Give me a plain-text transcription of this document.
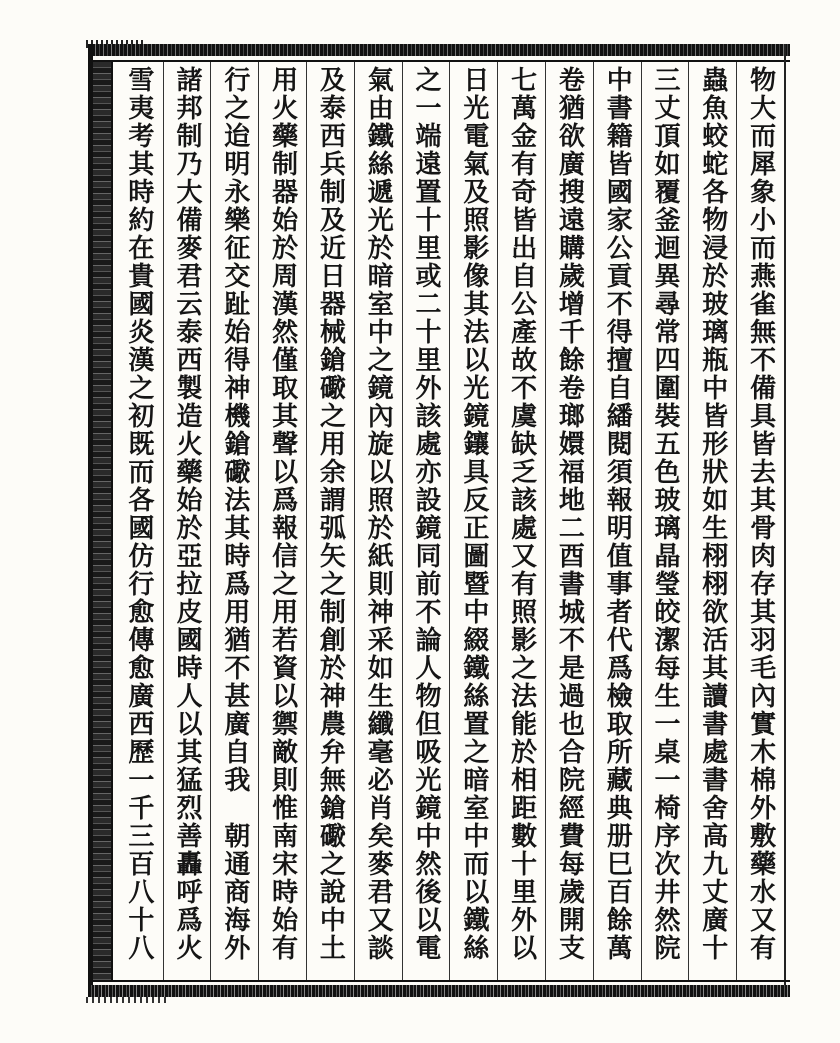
物大而犀象小而燕雀無不備具皆去其骨肉存其羽毛內實木棉外敷藥水又有
蟲魚蛟蛇各物浸於玻璃瓶中皆形狀如生栩栩欲活其讀書處書舍高九丈廣十
三丈頂如覆釜迴異尋常四圍裝五色玻璃晶瑩皎潔每生一桌一椅序次井然院
中書籍皆國家公貢不得擅自繙閱須報明值事者代爲檢取所藏典册巳百餘萬
卷猶欲廣搜遠購歲增千餘卷瑯嬛福地二酉書城不是過也合院經費每歲開支
七萬金有奇皆出自公產故不虞缺乏該處又有照影之法能於相距數十里外以
日光電氣及照影像其法以光鏡鑲具反正圖暨中綴鐵絲置之暗室中而以鐵絲
之一端遠置十里或二十里外該處亦設鏡同前不論人物但吸光鏡中然後以電
氣由鐵絲遞光於暗室中之鏡內旋以照於紙則神采如生纖毫必肖矣麥君又談
及泰西兵制及近日器械鎗礮之用余謂弧矢之制創於神農弁無鎗礮之說中土
用火藥制器始於周漢然僅取其聲以爲報信之用若資以禦敵則惟南宋時始有
行之迨明永樂征交趾始得神機鎗礮法其時爲用猶不甚廣自我　朝通商海外
諸邦制乃大備麥君云泰西製造火藥始於亞拉皮國時人以其猛烈善轟呼爲火
雪夷考其時約在貴國炎漢之初既而各國仿行愈傳愈廣西歷一千三百八十八
